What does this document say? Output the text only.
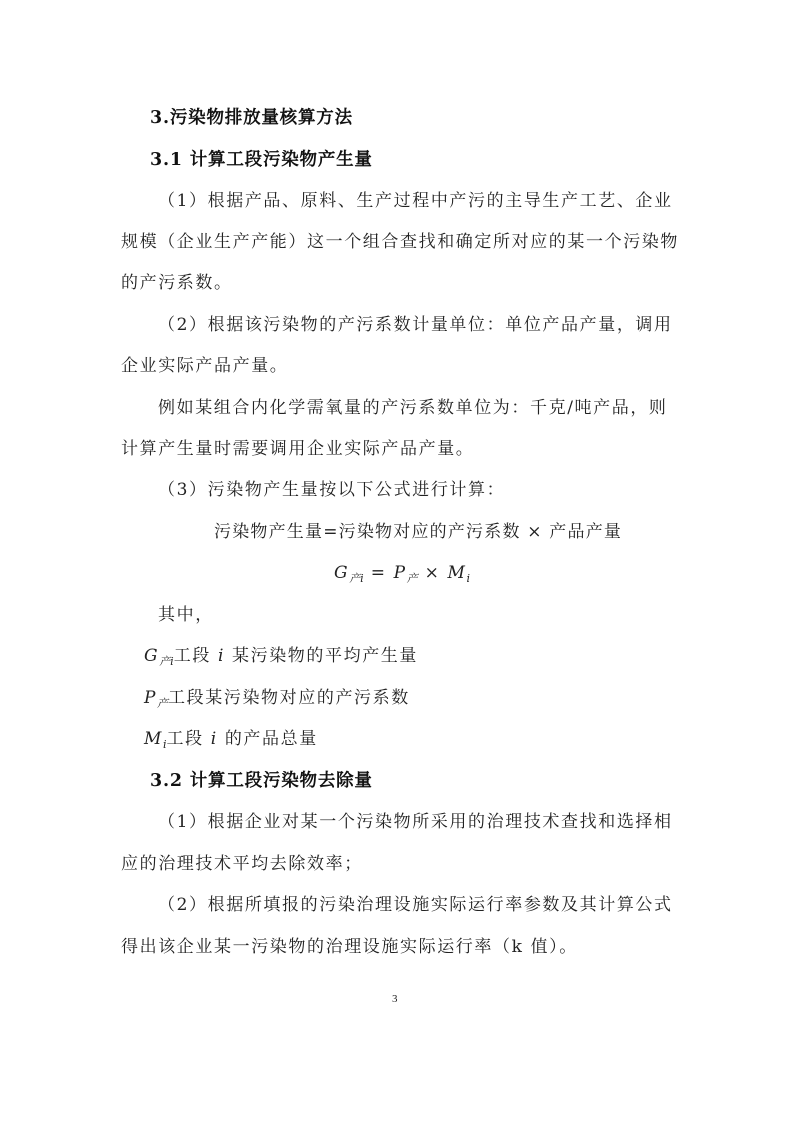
3.污染物排放量核算方法
3.1 计算工段污染物产生量
（1）根据产品、原料、生产过程中产污的主导生产工艺、企业
规模（企业生产产能）这一个组合查找和确定所对应的某一个污染物
的产污系数。
（2）根据该污染物的产污系数计量单位：单位产品产量，调用
企业实际产品产量。
例如某组合内化学需氧量的产污系数单位为：千克/吨产品，则
计算产生量时需要调用企业实际产品产量。
（3）污染物产生量按以下公式进行计算：
污染物产生量=污染物对应的产污系数 × 产品产量
$G_{产i} = P_产 \times M_i$
其中，
$G_{产i}$工段 i 某污染物的平均产生量
$P_产$工段某污染物对应的产污系数
$M_i$工段 i 的产品总量
3.2 计算工段污染物去除量
（1）根据企业对某一个污染物所采用的治理技术查找和选择相
应的治理技术平均去除效率；
（2）根据所填报的污染治理设施实际运行率参数及其计算公式
得出该企业某一污染物的治理设施实际运行率（k 值）。
3
